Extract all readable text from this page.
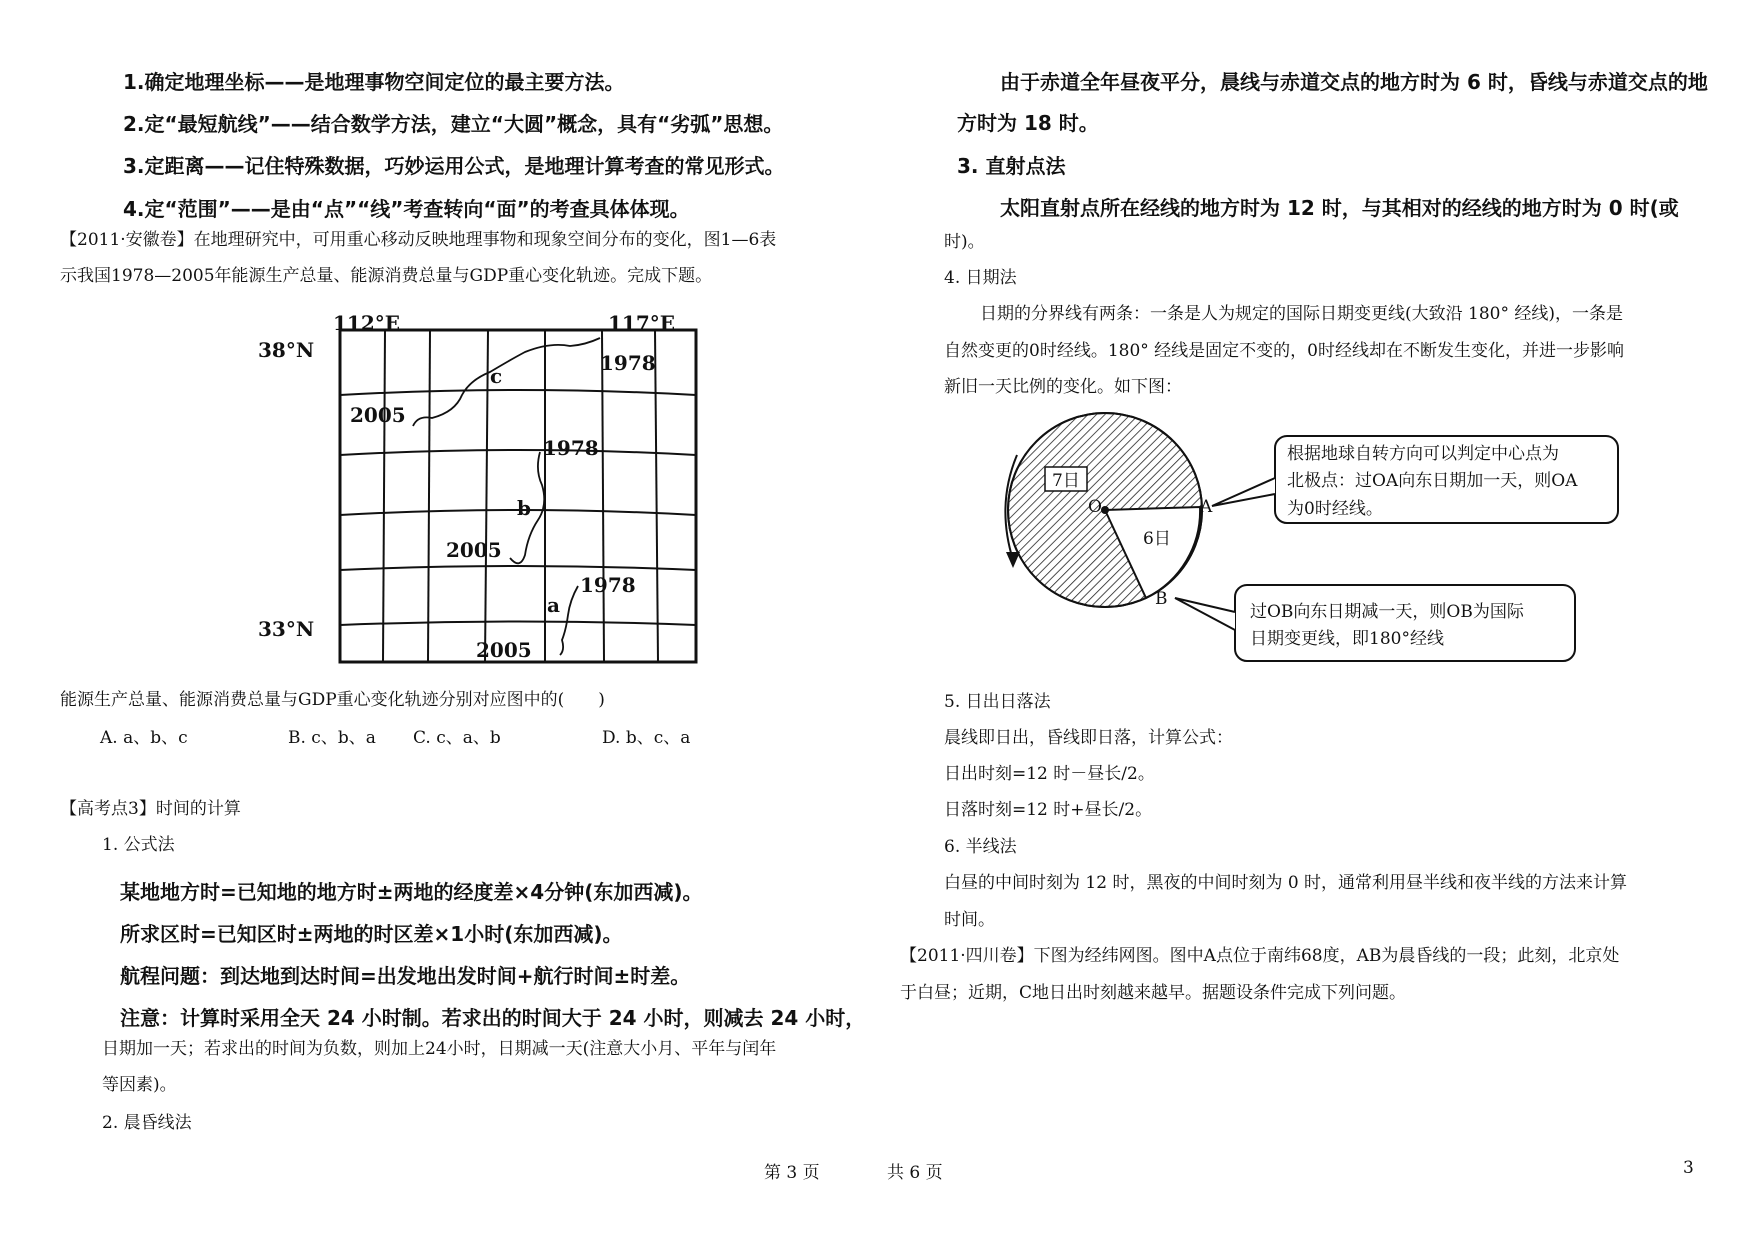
1.确定地理坐标——是地理事物空间定位的最主要方法。
2.定“最短航线”——结合数学方法，建立“大圆”概念，具有“劣弧”思想。
3.定距离——记住特殊数据，巧妙运用公式，是地理计算考查的常见形式。
4.定“范围”——是由“点”“线”考查转向“面”的考查具体体现。
【2011·安徽卷】在地理研究中，可用重心移动反映地理事物和现象空间分布的变化，图1—6表
示我国1978—2005年能源生产总量、能源消费总量与GDP重心变化轨迹。完成下题。
112°E	117°E
38°N
33°N
1978
c
2005
1978
b
2005
1978
a
2005
能源生产总量、能源消费总量与GDP重心变化轨迹分别对应图中的(　　)
A. a、b、c	B. c、b、a C. c、a、b	D. b、c、a
【高考点3】时间的计算
1. 公式法
某地地方时=已知地的地方时±两地的经度差×4分钟(东加西减)。
所求区时=已知区时±两地的时区差×1小时(东加西减)。
航程问题：到达地到达时间=出发地出发时间+航行时间±时差。
注意：计算时采用全天 24 小时制。若求出的时间大于 24 小时，则减去 24 小时，
日期加一天；若求出的时间为负数，则加上24小时，日期减一天(注意大小月、平年与闰年
等因素)。
2. 晨昏线法
由于赤道全年昼夜平分，晨线与赤道交点的地方时为 6 时，昏线与赤道交点的地
方时为 18 时。
3. 直射点法
太阳直射点所在经线的地方时为 12 时，与其相对的经线的地方时为 0 时(或
时)。
4. 日期法
日期的分界线有两条：一条是人为规定的国际日期变更线(大致沿 180° 经线)，一条是
自然变更的0时经线。180° 经线是固定不变的，0时经线却在不断发生变化，并进一步影响
新旧一天比例的变化。如下图：
7日
6日
O	A
B
根据地球自转方向可以判定中心点为
北极点：过OA向东日期加一天，则OA
为0时经线。
过OB向东日期减一天，则OB为国际
日期变更线，即180°经线
5. 日出日落法
晨线即日出，昏线即日落，计算公式：
日出时刻=12 时－昼长/2。
日落时刻=12 时+昼长/2。
6. 半线法
白昼的中间时刻为 12 时，黑夜的中间时刻为 0 时，通常利用昼半线和夜半线的方法来计算
时间。
【2011·四川卷】下图为经纬网图。图中A点位于南纬68度，AB为晨昏线的一段；此刻，北京处
于白昼；近期，C地日出时刻越来越早。据题设条件完成下列问题。
第 3 页	共 6 页	3
